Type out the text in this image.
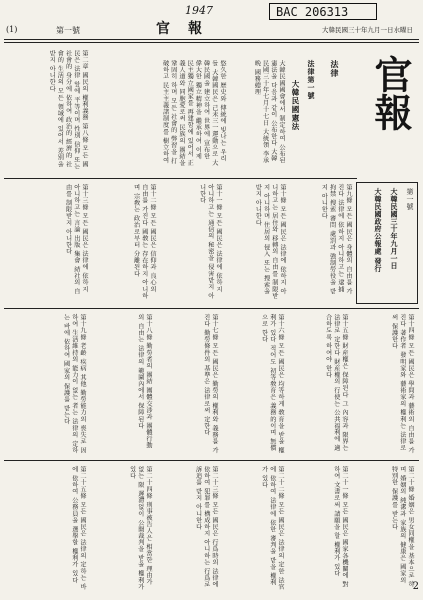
1947	BAC 206313
(1)	第一號	官報	大韓民國三十年九月一日水曜日
官報
第一號
大韓民國三十年九月一日
大韓民國政府公報處 發行
法律
法律第一號
大韓民國憲法
大韓民國國會에서 制定하여 公布된 憲法을 다음과 같이 公布한다 大韓民國三十年七月十七日 大統領 李承晩 國務總理
悠久한 歷史와 傳統에 빛나는 우리들 大韓國民은 己未三一運動으로 大韓民國을 建立하여 世界에 宣布한 偉大한 獨立精神을 繼承하여 이제 民主獨立國家를 再建함에 있어서 正義人道와 同胞愛로써 民族의 團結을 鞏固히 하며 모든 社會的 弊習을 打破하고 民主主義諸制度를 樹立하여
第二章 國民의 權利義務 第八條 모든 國民은 法律 앞에 平等이며 性別 信仰 또는 社會的 身分에 依하여 政治的 經濟的 社會的 生活의 모든 領域에 있어서 差別을 받지 아니한다
第九條 모든 國民은 身體의 自由를 가진다 法律에 依하지 아니하고는 逮捕 拘禁 搜索 審問 處罰과 強制勞役을 받지 아니한다
第十條 모든 國民은 法律에 依하지 아니하고는 居住와 移轉의 自由를 制限받지 아니하며 住居의 侵入 또는 搜索을 받지 아니한다
第十一條 모든 國民은 法律에 依하지 아니하고는 通信의 秘密을 侵害받지 아니한다
第十二條 모든 國民은 信仰과 良心의 自由를 가진다 國敎는 存在하지 아니하며 宗敎는 政治로부터 分離된다
第十三條 모든 國民은 法律에 依하지 아니하고는 言論 出版 集會 結社의 自由를 制限받지 아니한다
第十四條 모든 國民은 學問과 藝術의 自由를 가진다 著作者 發明家와 藝術家의 權利는 法律로써 保護한다
第十五條 財産權은 保障된다 그 內容과 限界는 法律로 定한다 財産權의 行使는 公共福利에 適合하도록 하여야 한다
第十六條 모든 國民은 均等하게 敎育을 받을 權利가 있다 적어도 初等敎育은 義務的이며 無償으로 한다
第十七條 모든 國民은 勤勞의 權利와 義務를 가진다 勤勞條件의 基準은 法律로써 定한다
第十八條 勤勞者의 團結 團體交涉과 團體行動의 自由는 法律의 範圍內에서 保障된다
第十九條 老齡 疾病 其他 勤勞能力의 喪失로 因하여 生活維持의 能力이 없는 者는 法律의 定하는 바에 依하여 國家의 保護를 받는다
第二十條 婚姻은 男女同權을 基本으로 하며 婚姻의 純潔과 家族의 健康은 國家의 特別한 保護를 받는다
第二十一條 모든 國民은 國家各機關에 對하여 文書로써 請願을 할 權利가 있다
第二十二條 모든 國民은 法律의 定한 法官에 依하여 法律에 依한 審判을 받을 權利가 있다
第二十三條 모든 國民은 行爲時의 法律에 依하여 犯罪를 構成하지 아니하는 行爲로 訴追를 받지 아니한다
第二十四條 刑事被告人은 相當한 理由가 없는 限 遲滯없이 公開裁判을 받을 權利가 있다
第二十五條 모든 國民은 法律의 定하는 바에 依하여 公務員을 選擧할 權利가 있다
2
